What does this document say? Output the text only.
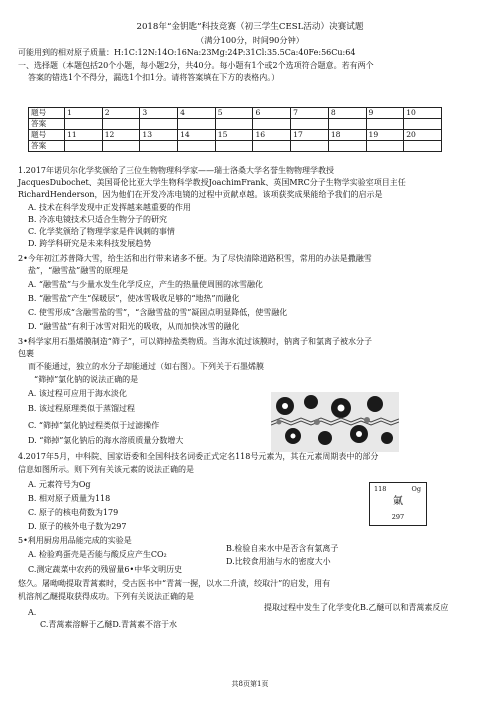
2018年“金钥匙”科技竞赛（初三学生CESL活动）决赛试题
（满分100分，时间90分钟）
可能用到的相对原子质量：H:1C:12N:14O:16Na:23Mg:24P:31Cl:35.5Ca:40Fe:56Cu:64
一、选择题（本题包括20个小题，每小题2分，共40分。每小题有1个或2个选项符合题意。若有两个
答案的错选1个不得分，漏选1个扣1分。请将答案填在下方的表格内。）
题号	1	2	3	4	5	6	7	8	9	10
答案										
题号	11	12	13	14	15	16	17	18	19	20
答案										
1.2017年诺贝尔化学奖颁给了三位生物物理科学家——瑞士洛桑大学名誉生物物理学教授
JacquesDubochet、美国哥伦比亚大学生物科学教授JoachimFrank、英国MRC分子生物学实验室项目主任
RichardHenderson，因为他们在开发冷冻电镜的过程中贡献卓越。该项获奖成果能给予我们的启示是
A. 技术在科学发现中正发挥越来越重要的作用
B. 冷冻电镜技术只适合生物分子的研究
C. 化学奖颁给了物理学家是件讽刺的事情
D. 跨学科研究是未来科技发展趋势
2•今年初江苏普降大雪，给生活和出行带来诸多不便。为了尽快清除道路积雪，常用的办法是撒融雪
盐”，“融雪盐”融雪的原理是
A. “融雪盐”与少量水发生化学反应，产生的热量使周围的冰雪融化
B. “融雪盐”产生“保暖层”，使冰雪吸收足够的“地热”而融化
C. 使雪形成“含融雪盐的雪”，“含融雪盐的雪”凝固点明显降低，使雪融化
D. “融雪盐”有利于冰雪对阳光的吸收，从而加快冰雪的融化
3•科学家用石墨烯膜制造“筛子”，可以筛掉盐类物质。当海水流过该膜时，钠离子和氯离子被水分子
包裹
而不能通过，独立的水分子却能通过（如右图）。下列关于石墨烯膜
“筛掉”氯化钠的说法正确的是
A. 该过程可应用于海水淡化
B. 该过程原理类似于蒸馏过程
C. “筛掉”氯化钠过程类似于过滤操作
D. “筛掉”氯化钠后的海水溶质质量分数增大
4.2017年5月，中科院、国家语委和全国科技名词委正式定名118号元素为，其在元素周期表中的部分
信息如图所示。则下列有关该元素的说法正确的是
A. 元素符号为Og
B. 相对原子质量为118
C. 原子的核电荷数为179
D. 原子的核外电子数为297
118	Og
氭
297
5•利用厨房用品能完成的实验是
A. 检验鸡蛋壳是否能与酸反应产生CO₂
B.检验自来水中是否含有氯离子
C.测定蔬菜中农药的残留量6•中华文明历史
D.比较食用油与水的密度大小
悠久。屠呦呦提取青蒿素时，受古医书中“青蒿一握，以水二升渍，绞取汁”的启发，用有
机溶剂乙醚提取获得成功。下列有关说法正确的是
A.
提取过程中发生了化学变化B.乙醚可以和青蒿素反应
C.青蒿素溶解于乙醚D.青蒿素不溶于水
共8页第1页
